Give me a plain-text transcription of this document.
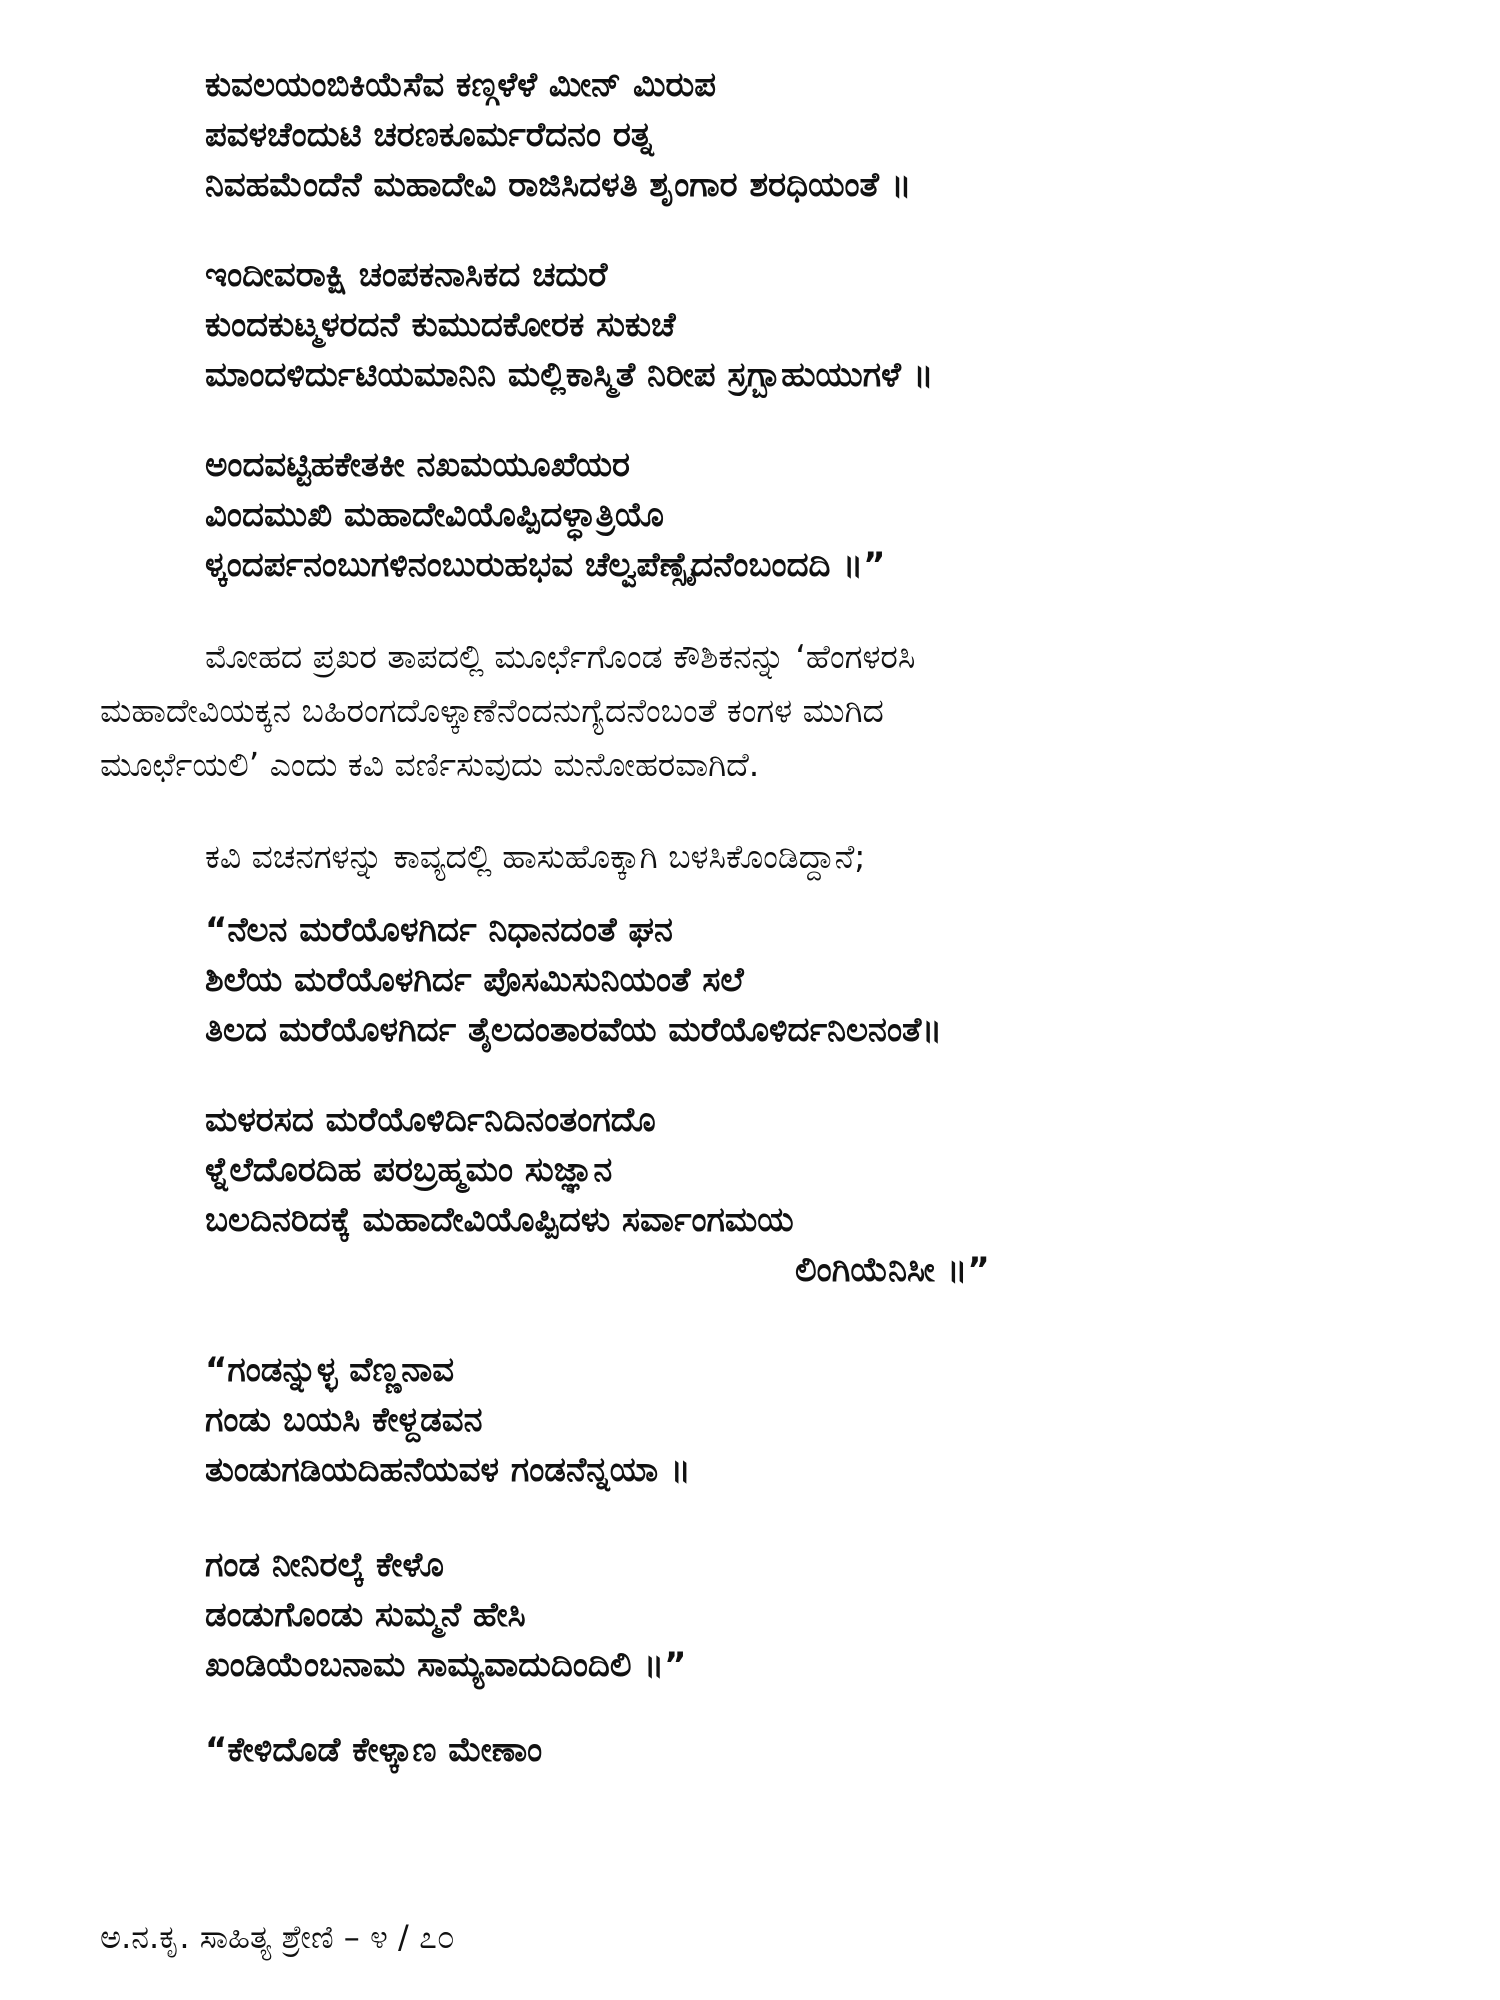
ಕುವಲಯಂಬಿಕಿಯೆಸೆವ ಕಣ್ಗಳೆಳೆ ಮೀನ್ ಮಿರುಪ
ಪವಳಚೆಂದುಟಿ ಚರಣಕೂರ್ಮರೆದನಂ ರತ್ನ
ನಿವಹಮೆಂದೆನೆ ಮಹಾದೇವಿ ರಾಜಿಸಿದಳತಿ ಶೃಂಗಾರ ಶರಧಿಯಂತೆ ॥
ಇಂದೀವರಾಕ್ಷಿ ಚಂಪಕನಾಸಿಕದ ಚದುರೆ
ಕುಂದಕುಟ್ಮಳರದನೆ ಕುಮುದಕೋರಕ ಸುಕುಚೆ
ಮಾಂದಳಿರ್ದುಟಿಯಮಾನಿನಿ ಮಲ್ಲಿಕಾಸ್ಮಿತೆ ನಿರೀಪ ಸ್ರಗ್ಬಾಹುಯುಗಳೆ ॥
ಅಂದವಟ್ಟಿಹಕೇತಕೀ ನಖಮಯೂಖೆಯರ
ವಿಂದಮುಖಿ ಮಹಾದೇವಿಯೊಪ್ಪಿದಳ್ಧಾತ್ರಿಯೊ
ಳ್ಕಂದರ್ಪನಂಬುಗಳಿನಂಬುರುಹಭವ ಚೆಲ್ವಪೆಣ್ಸೈದನೆಂಬಂದದಿ ॥”
ಮೋಹದ ಪ್ರಖರ ತಾಪದಲ್ಲಿ ಮೂರ್ಛೆಗೊಂಡ ಕೌಶಿಕನನ್ನು ‘ಹೆಂಗಳರಸಿ
ಮಹಾದೇವಿಯಕ್ಕನ ಬಹಿರಂಗದೊಳ್ಕಾಣೆನೆಂದನುಗ್ಯೆದನೆಂಬಂತೆ ಕಂಗಳ ಮುಗಿದ
ಮೂರ್ಛೆಯಲಿ’ ಎಂದು ಕವಿ ವರ್ಣಿಸುವುದು ಮನೋಹರವಾಗಿದೆ.
ಕವಿ ವಚನಗಳನ್ನು ಕಾವ್ಯದಲ್ಲಿ ಹಾಸುಹೊಕ್ಕಾಗಿ ಬಳಸಿಕೊಂಡಿದ್ದಾನೆ;
“ನೆಲನ ಮರೆಯೊಳಗಿರ್ದ ನಿಧಾನದಂತೆ ಘನ
ಶಿಲೆಯ ಮರೆಯೊಳಗಿರ್ದ ಪೊಸಮಿಸುನಿಯಂತೆ ಸಲೆ
ತಿಲದ ಮರೆಯೊಳಗಿರ್ದ ತೈಲದಂತಾರವೆಯ ಮರೆಯೊಳಿರ್ದನಿಲನಂತೆ॥
ಮಳರಸದ ಮರೆಯೊಳಿರ್ದಿನಿದಿನಂತಂಗದೊ
ಳ್ನೆಲೆದೊರದಿಹ ಪರಬ್ರಹ್ಮಮಂ ಸುಜ್ಞಾನ
ಬಲದಿನರಿದಕ್ಕೆ ಮಹಾದೇವಿಯೊಪ್ಪಿದಳು ಸರ್ವಾಂಗಮಯ
ಲಿಂಗಿಯೆನಿಸೀ ॥”
“ಗಂಡನ್ನುಳ್ಳ ವೆಣ್ಣನಾವ
ಗಂಡು ಬಯಸಿ ಕೇಳ್ದಡವನ
ತುಂಡುಗಡಿಯದಿಹನೆಯವಳ ಗಂಡನೆನ್ನಯಾ ॥
ಗಂಡ ನೀನಿರಲ್ಕೆ ಕೇಳೊ
ಡಂಡುಗೊಂಡು ಸುಮ್ಮನೆ ಹೇಸಿ
ಖಂಡಿಯೆಂಬನಾಮ ಸಾಮ್ಯವಾದುದಿಂದಿಲಿ ॥”
“ಕೇಳಿದೊಡೆ ಕೇಳ್ಕಾಣ ಮೇಣಾಂ
ಅ.ನ.ಕೃ. ಸಾಹಿತ್ಯ ಶ್ರೇಣಿ – ೪ / ೭೦
